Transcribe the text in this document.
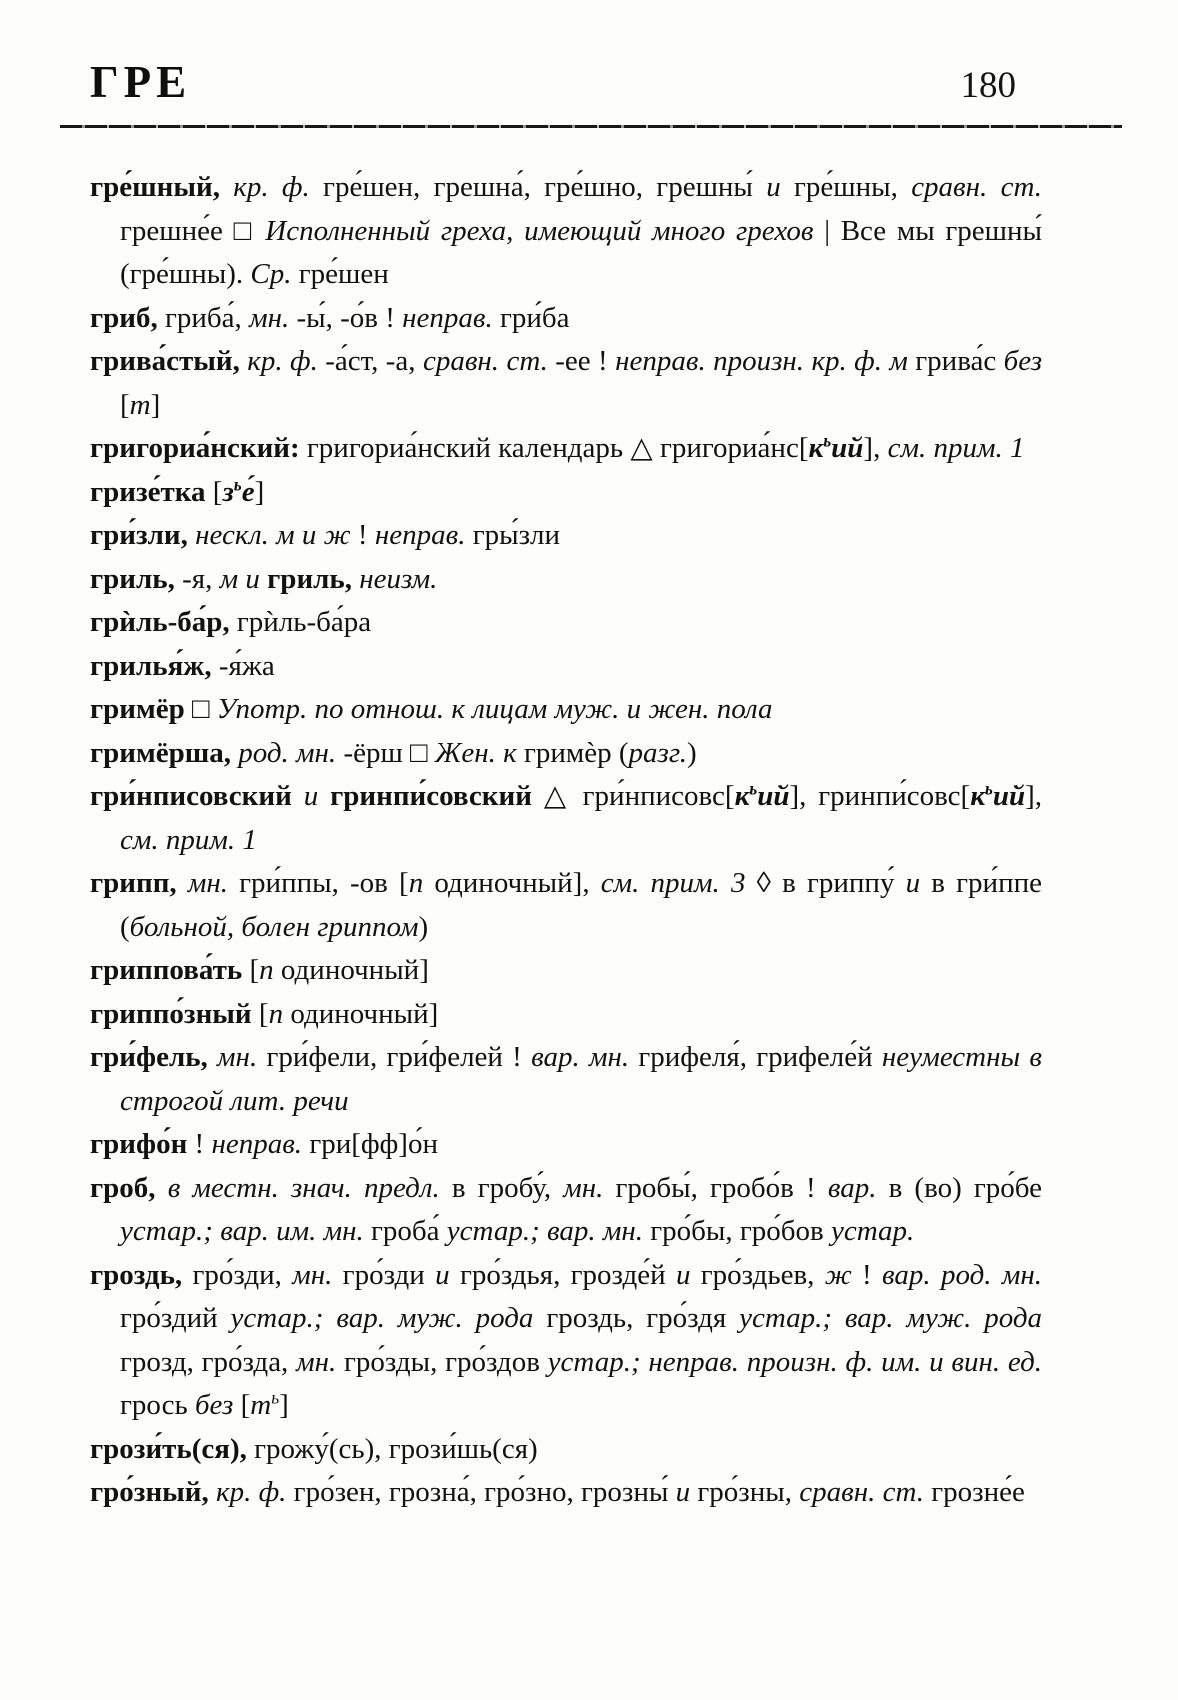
ГРЕ	180

гре́шный, кр. ф. гре́шен, грешна́, гре́шно, грешны́ и гре́шны, сравн. ст. грешне́е □ Исполненный греха, имеющий много грехов | Все мы грешны́ (гре́шны). Ср. гре́шен

гриб, гриба́, мн. -ы́, -о́в ! неправ. гри́ба

грива́стый, кр. ф. -а́ст, -а, сравн. ст. -ее ! неправ. произн. кр. ф. м грива́с без [т]

григориа́нский: григориа́нский календарь △ $григориа́нс[к^ьий]$, см. прим. 1

гризе́тка $[з^ье́]$

гри́зли, нескл. м и ж ! неправ. гры́зли

гриль, -я, м и гриль, неизм.

грѝль-ба́р, грѝль-ба́ра

грилья́ж, -я́жа

гримёр □ Употр. по отнош. к лицам муж. и жен. пола

гримёрша, род. мн. -ёрш □ Жен. к гримѐр (разг.)

гри́нписовский и гринпи́совский △ $гри́нписовс[к^ьий]$, $гринпи́совс[к^ьий]$, см. прим. 1

грипп, мн. гри́ппы, -ов [п одиночный], см. прим. 3 ◊ в гриппу́ и в гри́ппе (больной, болен гриппом)

гриппова́ть [п одиночный]

гриппо́зный [п одиночный]

гри́фель, мн. гри́фели, гри́фелей ! вар. мн. грифеля́, грифеле́й неуместны в строгой лит. речи

грифо́н ! неправ. гри[фф]о́н

гроб, в местн. знач. предл. в гробу́, мн. гробы́, гробо́в ! вар. в (во) гро́бе устар.; вар. им. мн. гроба́ устар.; вар. мн. гро́бы, гро́бов устар.

гроздь, гро́зди, мн. гро́зди и гро́здья, грозде́й и гро́здьев, ж ! вар. род. мн. гро́здий устар.; вар. муж. рода гроздь, гро́здя устар.; вар. муж. рода грозд, гро́зда, мн. гро́зды, гро́здов устар.; неправ. произн. ф. им. и вин. ед. грось без $[т^ь]$

грози́ть(ся), грожу́(сь), грози́шь(ся)

гро́зный, кр. ф. гро́зен, грозна́, гро́зно, грозны́ и гро́зны, сравн. ст. грозне́е
